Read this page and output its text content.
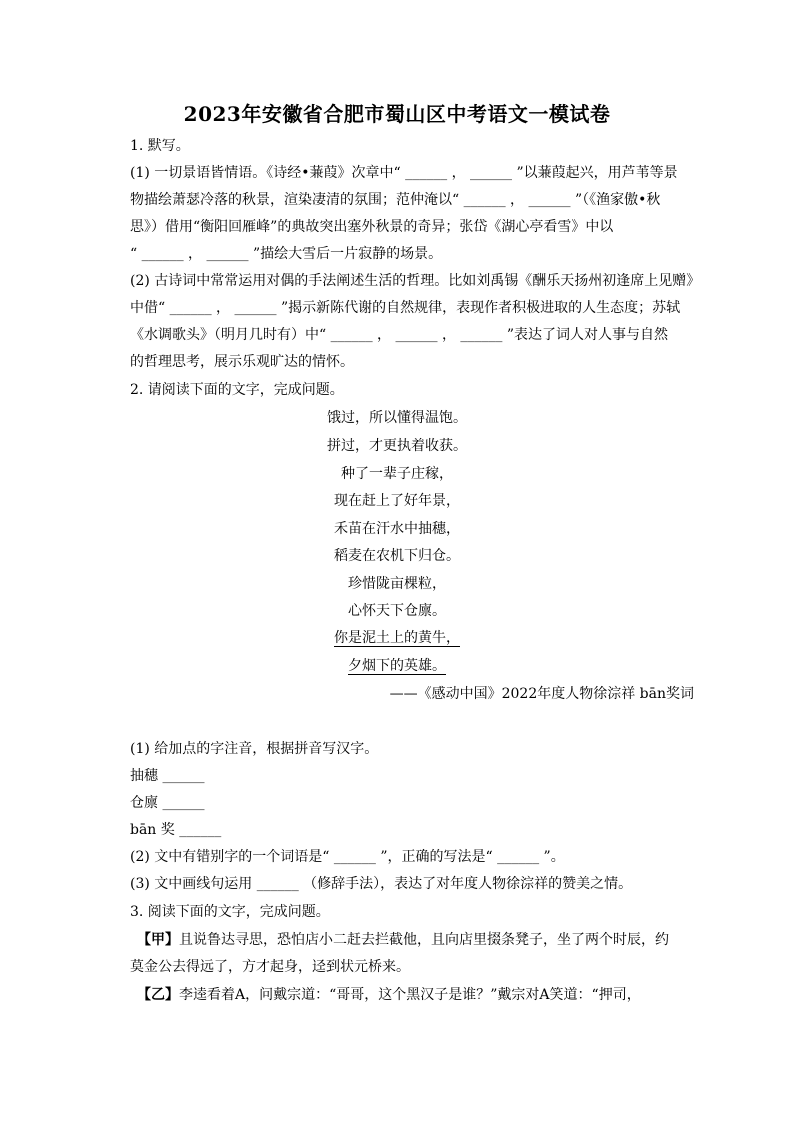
2023年安徽省合肥市蜀山区中考语文一模试卷
1. 默写。
(1) 一切景语皆情语。《诗经•蒹葭》次章中“ ______ ， ______ ”以蒹葭起兴，用芦苇等景
物描绘萧瑟冷落的秋景，渲染凄清的氛围；范仲淹以“ ______ ， ______ ”（《渔家傲•秋
思》）借用“衡阳回雁峰”的典故突出塞外秋景的奇异；张岱《湖心亭看雪》中以
“ ______ ， ______ ”描绘大雪后一片寂静的场景。
(2) 古诗词中常常运用对偶的手法阐述生活的哲理。比如刘禹锡《酬乐天扬州初逢席上见赠》
中借“ ______ ， ______ ”揭示新陈代谢的自然规律，表现作者积极进取的人生态度；苏轼
《水调歌头》（明月几时有）中“ ______ ， ______ ， ______ ”表达了词人对人事与自然
的哲理思考，展示乐观旷达的情怀。
2. 请阅读下面的文字，完成问题。
饿过，所以懂得温饱。
拼过，才更执着收获。
种了一辈子庄稼，
现在赶上了好年景，
禾苗在汗水中抽穗，
稻麦在农机下归仓。
珍惜陇亩棵粒，
心怀天下仓廪。
你是泥土上的黄牛，
夕烟下的英雄。
——《感动中国》2022年度人物徐淙祥 bān奖词
(1) 给加点的字注音，根据拼音写汉字。
抽穗 ______
仓廪 ______
bān 奖 ______
(2) 文中有错别字的一个词语是“ ______ ”，正确的写法是“ ______ ”。
(3) 文中画线句运用 ______ （修辞手法），表达了对年度人物徐淙祥的赞美之情。
3. 阅读下面的文字，完成问题。
　【甲】且说鲁达寻思，恐怕店小二赶去拦截他，且向店里掇条凳子，坐了两个时辰，约
莫金公去得远了，方才起身，迳到状元桥来。
　【乙】李逵看着A，问戴宗道：“哥哥，这个黑汉子是谁？”戴宗对A笑道：“押司，
